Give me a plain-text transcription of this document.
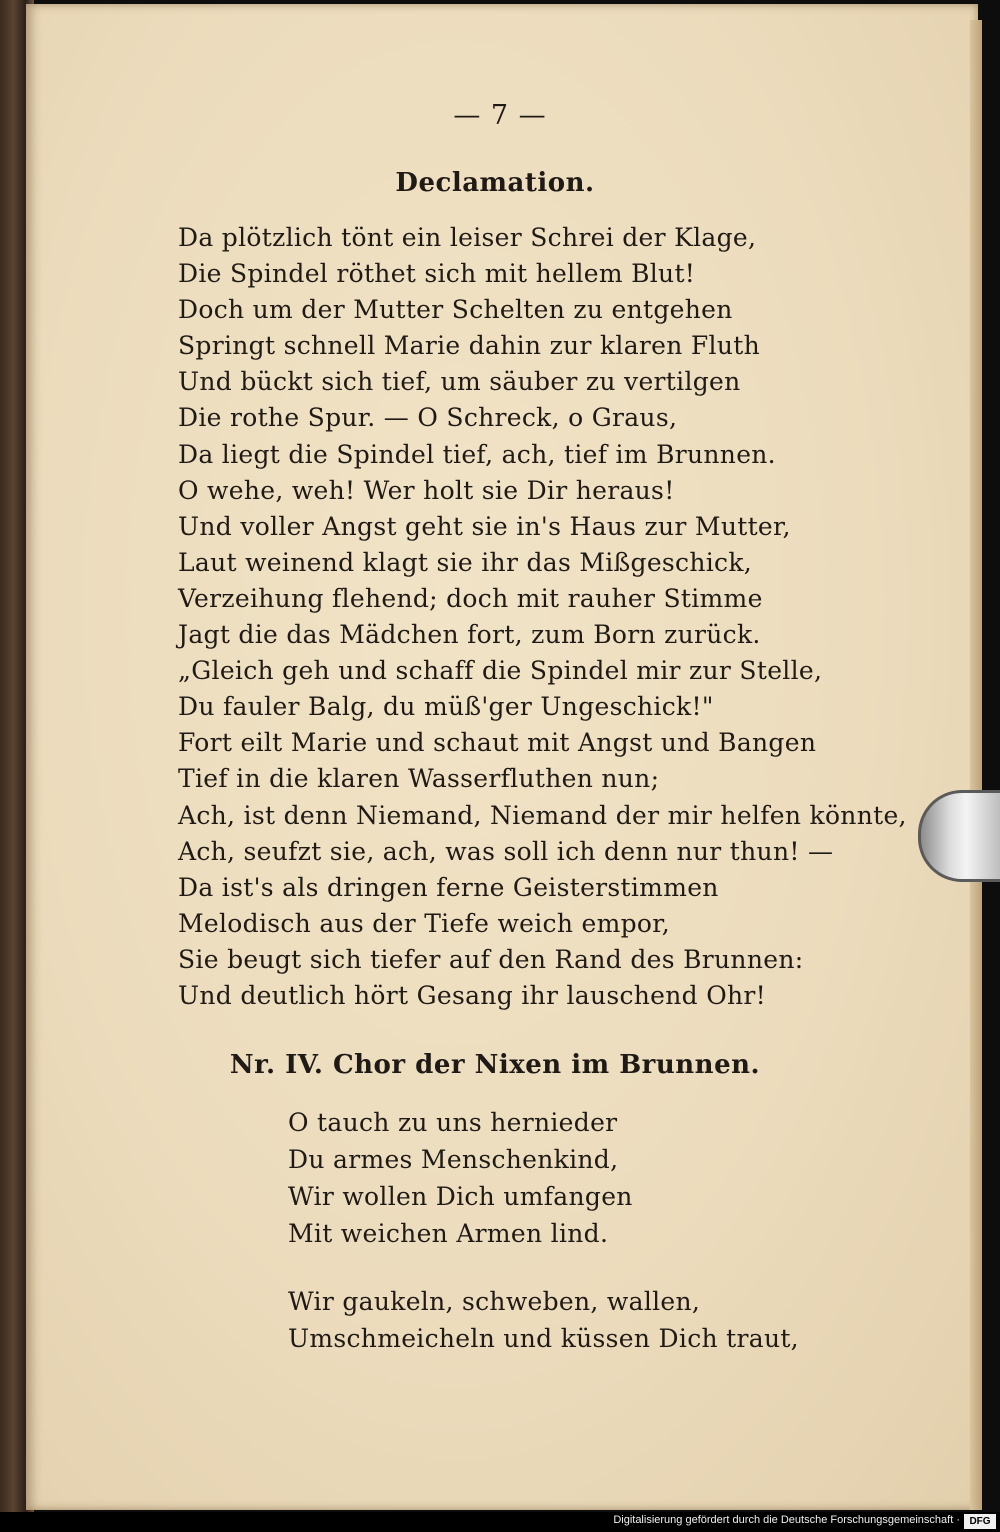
— 7 —
Declamation.
Da plötzlich tönt ein leiser Schrei der Klage,
Die Spindel röthet sich mit hellem Blut!
Doch um der Mutter Schelten zu entgehen
Springt schnell Marie dahin zur klaren Fluth
Und bückt sich tief, um säuber zu vertilgen
Die rothe Spur. — O Schreck, o Graus,
Da liegt die Spindel tief, ach, tief im Brunnen.
O wehe, weh! Wer holt sie Dir heraus!
Und voller Angst geht sie in's Haus zur Mutter,
Laut weinend klagt sie ihr das Mißgeschick,
Verzeihung flehend; doch mit rauher Stimme
Jagt die das Mädchen fort, zum Born zurück.
„Gleich geh und schaff die Spindel mir zur Stelle,
Du fauler Balg, du müß'ger Ungeschick!"
Fort eilt Marie und schaut mit Angst und Bangen
Tief in die klaren Wasserfluthen nun;
Ach, ist denn Niemand, Niemand der mir helfen könnte,
Ach, seufzt sie, ach, was soll ich denn nur thun! —
Da ist's als dringen ferne Geisterstimmen
Melodisch aus der Tiefe weich empor,
Sie beugt sich tiefer auf den Rand des Brunnen:
Und deutlich hört Gesang ihr lauschend Ohr!
Nr. IV. Chor der Nixen im Brunnen.
O tauch zu uns hernieder
Du armes Menschenkind,
Wir wollen Dich umfangen
Mit weichen Armen lind.
Wir gaukeln, schweben, wallen,
Umschmeicheln und küssen Dich traut,
Digitalisierung gefördert durch die Deutsche Forschungsgemeinschaft · DFG
